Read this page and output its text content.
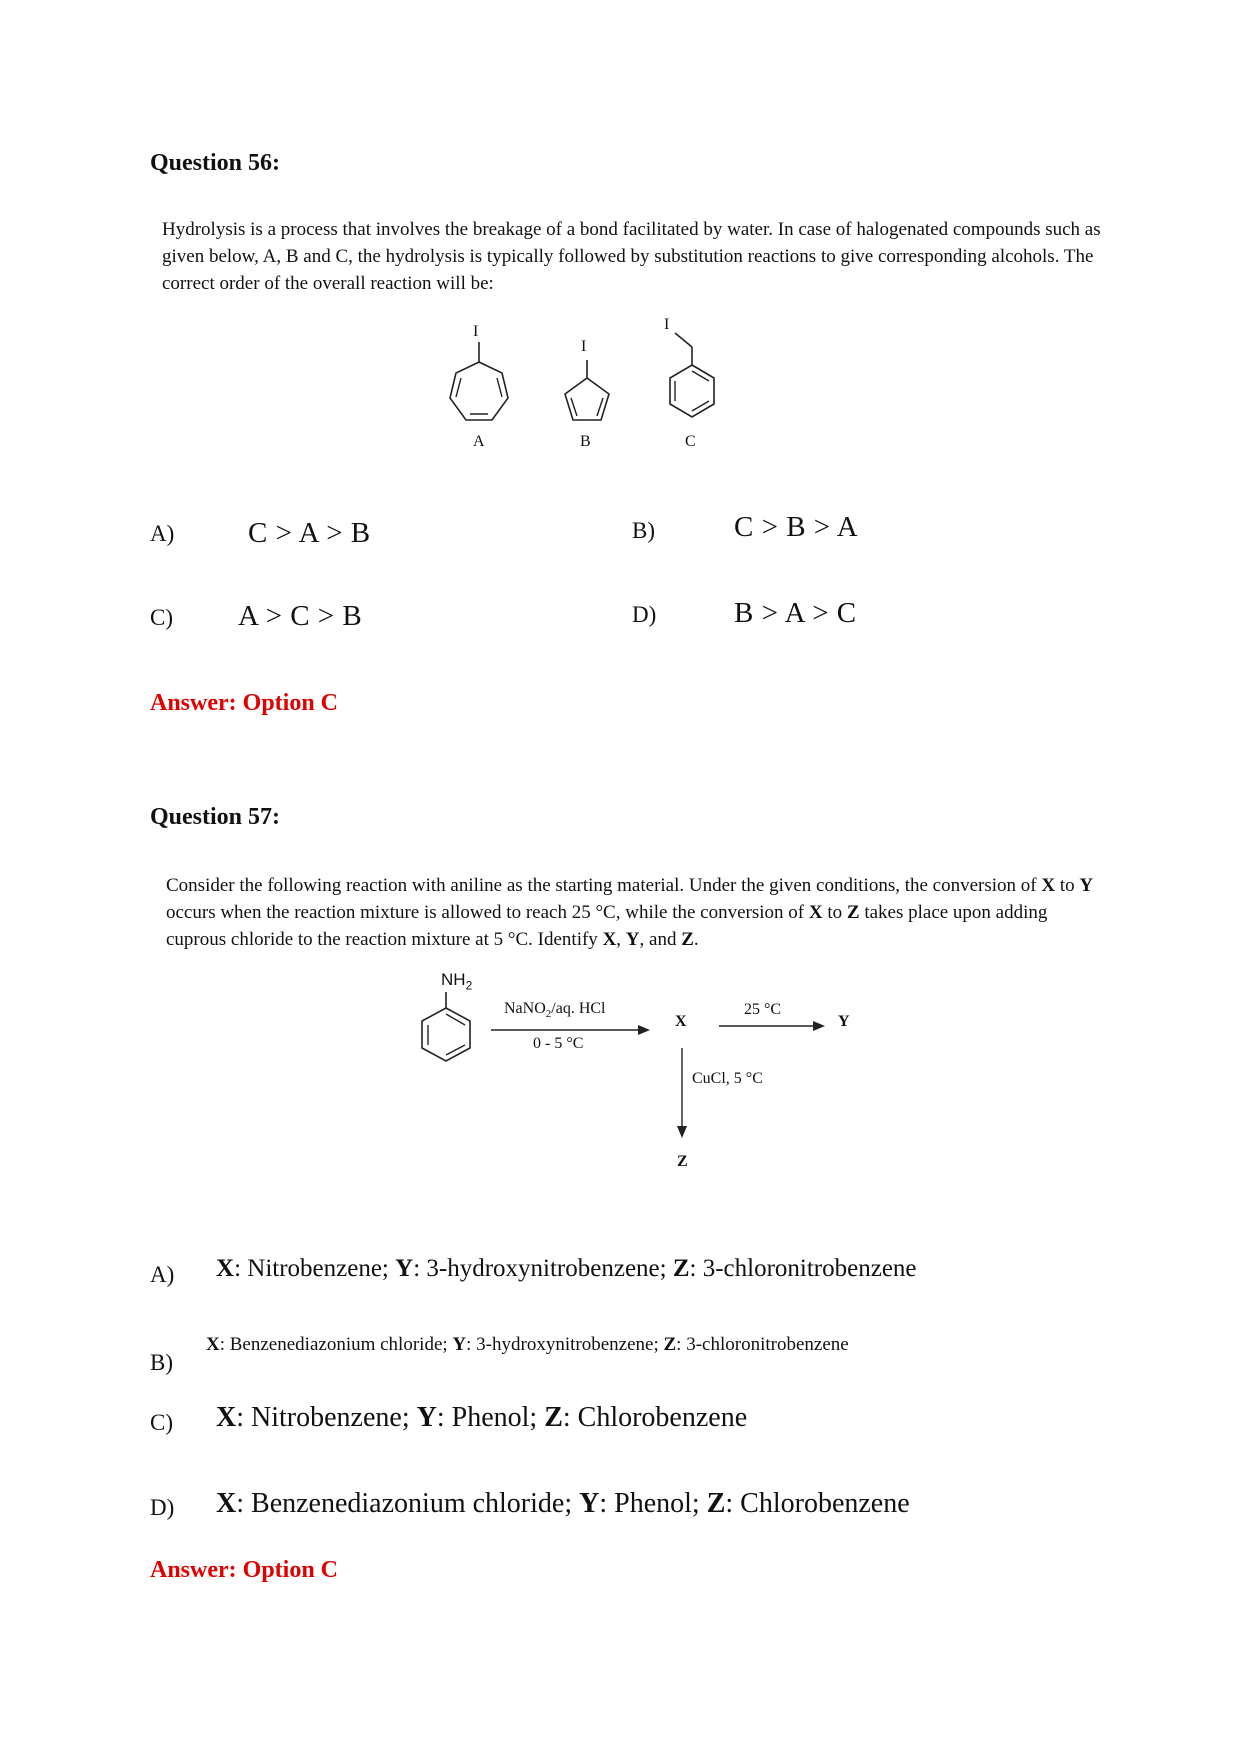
Question 56:
Hydrolysis is a process that involves the breakage of a bond facilitated by water. In case of halogenated compounds such as given below, A, B and C, the hydrolysis is typically followed by substitution reactions to give corresponding alcohols. The correct order of the overall reaction will be:
I
A
I
B
I
C
A)	C > A > B	B)	C > B > A
C) A > C > B	D)	B > A > C
Answer: Option C
Question 57:
Consider the following reaction with aniline as the starting material. Under the given conditions, the conversion of X to Y occurs when the reaction mixture is allowed to reach 25 °C, while the conversion of X to Z takes place upon adding cuprous chloride to the reaction mixture at 5 °C. Identify X, Y, and Z.
$NH_2$
NaNO$_2$/aq. HCl
0 - 5 °C
X
25 °C
Y
CuCl, 5 °C
Z
A) X: Nitrobenzene; Y: 3-hydroxynitrobenzene; Z: 3-chloronitrobenzene
B)
X: Benzenediazonium chloride; Y: 3-hydroxynitrobenzene; Z: 3-chloronitrobenzene
C) X: Nitrobenzene; Y: Phenol; Z: Chlorobenzene
D) X: Benzenediazonium chloride; Y: Phenol; Z: Chlorobenzene
Answer: Option C
